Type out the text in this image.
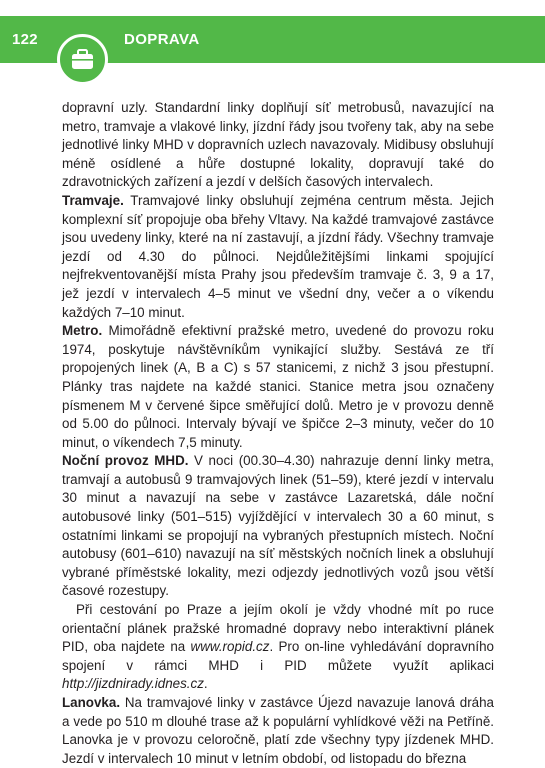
122	DOPRAVA

dopravní uzly. Standardní linky doplňují síť metrobusů, navazující na metro, tramvaje a vlakové linky, jízdní řády jsou tvořeny tak, aby na sebe jednotlivé linky MHD v dopravních uzlech navazovaly. Midibusy obsluhují méně osídlené a hůře dostupné lokality, dopravují také do zdravotnických zařízení a jezdí v delších časových intervalech.

Tramvaje. Tramvajové linky obsluhují zejména centrum města. Jejich komplexní síť propojuje oba břehy Vltavy. Na každé tramvajové zastávce jsou uvedeny linky, které na ní zastavují, a jízdní řády. Všechny tramvaje jezdí od 4.30 do půlnoci. Nejdůležitějšími linkami spojující nejfrekventovanější místa Prahy jsou především tramvaje č. 3, 9 a 17, jež jezdí v intervalech 4–5 minut ve všední dny, večer a o víkendu každých 7–10 minut.

Metro. Mimořádně efektivní pražské metro, uvedené do provozu roku 1974, poskytuje návštěvníkům vynikající služby. Sestává ze tří propojených linek (A, B a C) s 57 stanicemi, z nichž 3 jsou přestupní. Plánky tras najdete na každé stanici. Stanice metra jsou označeny písmenem M v červené šipce směřující dolů. Metro je v provozu denně od 5.00 do půlnoci. Intervaly bývají ve špičce 2–3 minuty, večer do 10 minut, o víkendech 7,5 minuty.

Noční provoz MHD. V noci (00.30–4.30) nahrazuje denní linky metra, tramvají a autobusů 9 tramvajových linek (51–59), které jezdí v intervalu 30 minut a navazují na sebe v zastávce Lazaretská, dále noční autobusové linky (501–515) vyjíždějící v intervalech 30 a 60 minut, s ostatními linkami se propojují na vybraných přestupních místech. Noční autobusy (601–610) navazují na síť městských nočních linek a obsluhují vybrané příměstské lokality, mezi odjezdy jednotlivých vozů jsou větší časové rozestupy.

Při cestování po Praze a jejím okolí je vždy vhodné mít po ruce orientační plánek pražské hromadné dopravy nebo interaktivní plánek PID, oba najdete na www.ropid.cz. Pro on-line vyhledávání dopravního spojení v rámci MHD i PID můžete využít aplikaci http://jizdnirady.idnes.cz.

Lanovka. Na tramvajové linky v zastávce Újezd navazuje lanová dráha a vede po 510 m dlouhé trase až k populární vyhlídkové věži na Petříně. Lanovka je v provozu celoročně, platí zde všechny typy jízdenek MHD. Jezdí v intervalech 10 minut v letním období, od listopadu do března
